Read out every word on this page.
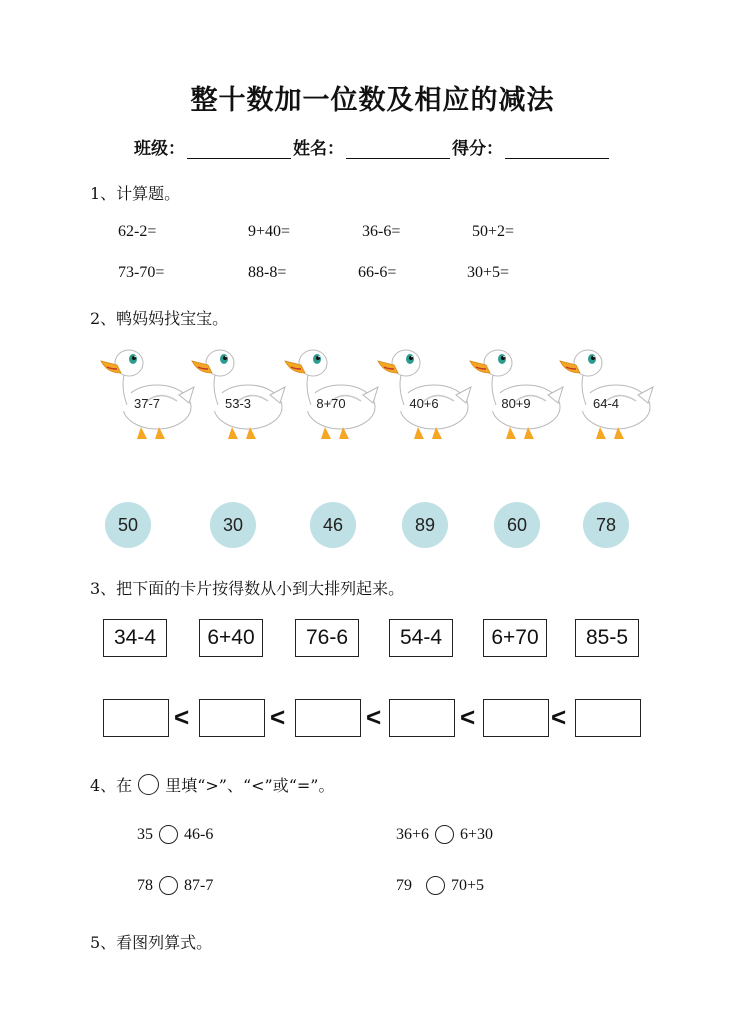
整十数加一位数及相应的减法
班级：	姓名：	得分：
1、计算题。
62-2=	9+40=	36-6=	50+2=
73-70=	88-8=	66-6=	30+5=
2、鸭妈妈找宝宝。
37-7	53-3	8+70	40+6	80+9	64-4
50	30	46	89	60	78
3、把下面的卡片按得数从小到大排列起来。
34-4	6+40	76-6	54-4	6+70	85-5
<	<	<	<	<
4、在 里填“>”、“<”或“=”。
35 46-6	36+6 6+30
78 87-7	79 70+5
5、看图列算式。
